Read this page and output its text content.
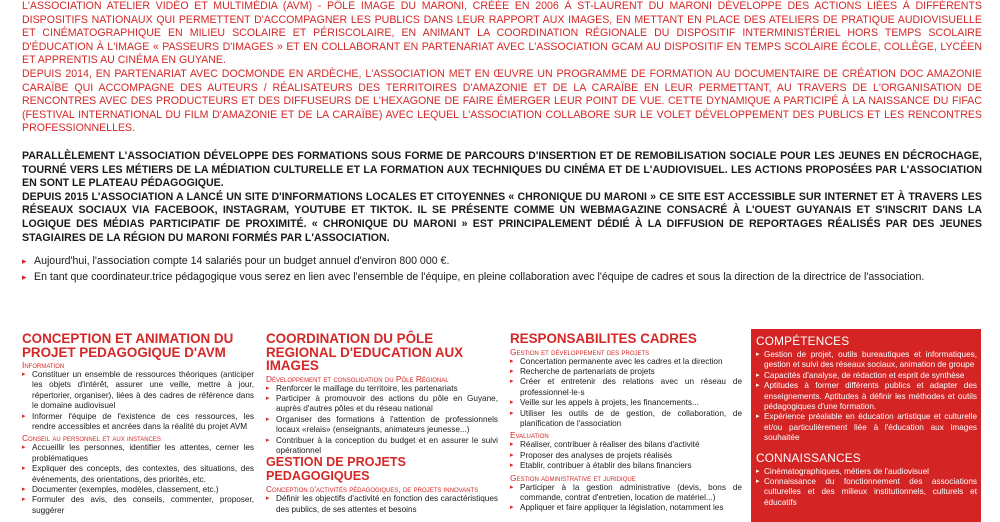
L'ASSOCIATION ATELIER VIDÉO ET MULTIMÉDIA (AVM) - PÔLE IMAGE DU MARONI, CRÉÉE EN 2006 À ST-LAURENT DU MARONI DÉVELOPPE DES ACTIONS LIÉES À DIFFÉRENTS DISPOSITIFS NATIONAUX QUI PERMETTENT D'ACCOMPAGNER LES PUBLICS DANS LEUR RAPPORT AUX IMAGES, EN METTANT EN PLACE DES ATELIERS DE PRATIQUE AUDIOVISUELLE ET CINÉMATOGRAPHIQUE EN MILIEU SCOLAIRE ET PÉRISCOLAIRE, EN ANIMANT LA COORDINATION RÉGIONALE DU DISPOSITIF INTERMINISTÉRIEL HORS TEMPS SCOLAIRE D'ÉDUCATION À L'IMAGE « PASSEURS D'IMAGES » ET EN COLLABORANT EN PARTENARIAT AVEC L'ASSOCIATION GCAM AU DISPOSITIF EN TEMPS SCOLAIRE ÉCOLE, COLLÈGE, LYCÉEN ET APPRENTIS AU CINÉMA EN GUYANE.
DEPUIS 2014, EN PARTENARIAT AVEC DOCMONDE EN ARDÈCHE, L'ASSOCIATION MET EN ŒUVRE UN PROGRAMME DE FORMATION AU DOCUMENTAIRE DE CRÉATION DOC AMAZONIE CARAÏBE QUI ACCOMPAGNE DES AUTEURS / RÉALISATEURS DES TERRITOIRES D'AMAZONIE ET DE LA CARAÏBE EN LEUR PERMETTANT, AU TRAVERS DE L'ORGANISATION DE RENCONTRES AVEC DES PRODUCTEURS ET DES DIFFUSEURS DE L'HEXAGONE DE FAIRE ÉMERGER LEUR POINT DE VUE. CETTE DYNAMIQUE A PARTICIPÉ À LA NAISSANCE DU FIFAC (FESTIVAL INTERNATIONAL DU FILM D'AMAZONIE ET DE LA CARAÏBE) AVEC LEQUEL L'ASSOCIATION COLLABORE SUR LE VOLET DÉVELOPPEMENT DES PUBLICS ET LES RENCONTRES PROFESSIONNELLES.

PARALLÈLEMENT L'ASSOCIATION DÉVELOPPE DES FORMATIONS SOUS FORME DE PARCOURS D'INSERTION ET DE REMOBILISATION SOCIALE POUR LES JEUNES EN DÉCROCHAGE, TOURNÉ VERS LES MÉTIERS DE LA MÉDIATION CULTURELLE ET LA FORMATION AUX TECHNIQUES DU CINÉMA ET DE L'AUDIOVISUEL. LES ACTIONS PROPOSÉES PAR L'ASSOCIATION EN SONT LE PLATEAU PÉDAGOGIQUE.
DEPUIS 2015 L'ASSOCIATION A LANCÉ UN SITE D'INFORMATIONS LOCALES ET CITOYENNES « CHRONIQUE DU MARONI » CE SITE EST ACCESSIBLE SUR INTERNET ET À TRAVERS LES RÉSEAUX SOCIAUX VIA FACEBOOK, INSTAGRAM, YOUTUBE ET TIKTOK. IL SE PRÉSENTE COMME UN WEBMAGAZINE CONSACRÉ À L'OUEST GUYANAIS ET S'INSCRIT DANS LA LOGIQUE DES MÉDIAS PARTICIPATIF DE PROXIMITÉ. « CHRONIQUE DU MARONI » EST PRINCIPALEMENT DÉDIÉ À LA DIFFUSION DE REPORTAGES RÉALISÉS PAR DES JEUNES STAGIAIRES DE LA RÉGION DU MARONI FORMÉS PAR L'ASSOCIATION.

▸ Aujourd'hui, l'association compte 14 salariés pour un budget annuel d'environ 800 000 €.
▸ En tant que coordinateur.trice pédagogique vous serez en lien avec l'ensemble de l'équipe, en pleine collaboration avec l'équipe de cadres et sous la direction de la directrice de l'association.
CONCEPTION ET ANIMATION DU PROJET PEDAGOGIQUE D'AVM
Information
▸ Constituer un ensemble de ressources théoriques (anticiper les objets d'intérêt, assurer une veille, mettre à jour, répertorier, organiser), liées à des cadres de référence dans le domaine audiovisuel
▸ Informer l'équipe de l'existence de ces ressources, les rendre accessibles et ancrées dans la réalité du projet AVM
Conseil au personnel et aux instances
▸ Accueillir les personnes, identifier les attentes, cerner les problématiques
▸ Expliquer des concepts, des contextes, des situations, des événements, des orientations, des priorités, etc.
▸ Documenter (exemples, modèles, classement, etc.)
▸ Formuler des avis, des conseils, commenter, proposer, suggérer
COORDINATION DU PÔLE REGIONAL D'EDUCATION AUX IMAGES
Développement et consolidation du Pôle Régional
▸ Renforcer le maillage du territoire, les partenariats
▸ Participer à promouvoir des actions du pôle en Guyane, auprès d'autres pôles et du réseau national
▸ Organiser des formations à l'attention de professionnels locaux «relais» (enseignants, animateurs jeunesse...)
▸ Contribuer à la conception du budget et en assurer le suivi opérationnel
GESTION DE PROJETS PEDAGOGIQUES
Conception d'activités pédagogiques, de projets innovants
▸ Définir les objectifs d'activité en fonction des caractéristiques des publics, de ses attentes et besoins
RESPONSABILITES CADRES
Gestion et développement des projets
▸ Concertation permanente avec les cadres et la direction
▸ Recherche de partenariats de projets
▸ Créer et entretenir des relations avec un réseau de professionnel·le·s
▸ Veille sur les appels à projets, les financements...
▸ Utiliser les outils de de gestion, de collaboration, de planification de l'association
Evaluation
▸ Réaliser, contribuer à réaliser des bilans d'activité
▸ Proposer des analyses de projets réalisés
▸ Etablir, contribuer à établir des bilans financiers
Gestion administrative et juridique
▸ Participer à la gestion administrative (devis, bons de commande, contrat d'entretien, location de matériel...)
▸ Appliquer et faire appliquer la législation, notamment les
COMPÉTENCES
▸ Gestion de projet, outils bureautiques et informatiques, gestion et suivi des réseaux sociaux, animation de groupe
▸ Capacités d'analyse, de rédaction et esprit de synthèse
▸ Aptitudes à former différents publics et adapter des enseignements. Aptitudes à définir les méthodes et outils pédagogiques d'une formation.
▸ Expérience préalable en éducation artistique et culturelle et/ou particulièrement liée à l'éducation aux images souhaitée
CONNAISSANCES
▸ Cinématographiques, métiers de l'audiovisuel
▸ Connaissance du fonctionnement des associations culturelles et des milieux institutionnels, culturels et éducatifs
